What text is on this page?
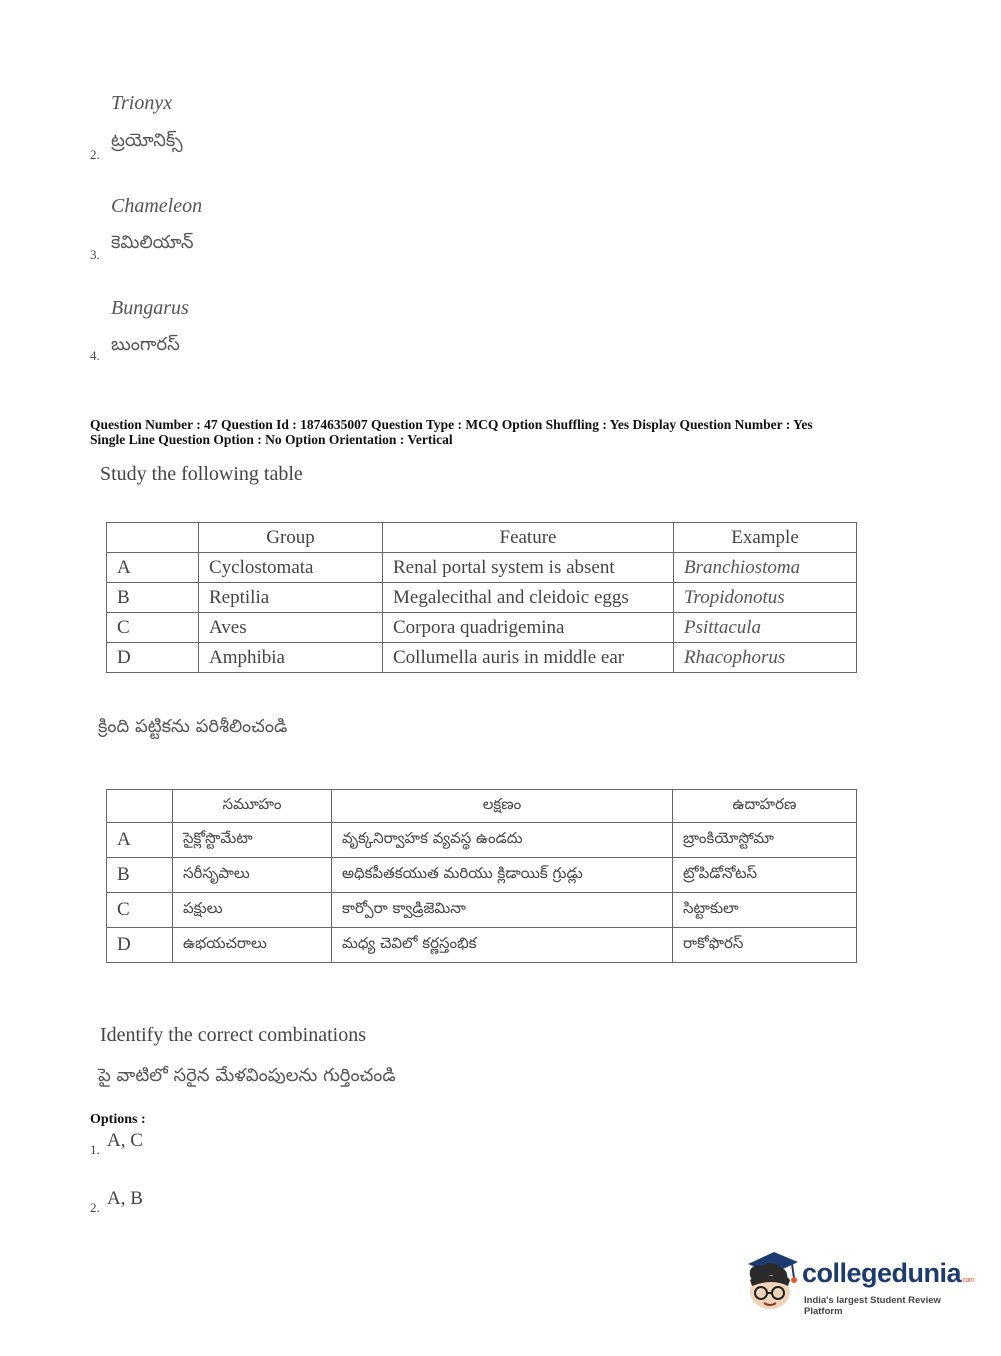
Trionyx
2.
ట్రయోనిక్స్
Chameleon
3.
కెమిలియాన్
Bungarus
4.
బుంగారస్
Question Number : 47 Question Id : 1874635007 Question Type : MCQ Option Shuffling : Yes Display Question Number : Yes
Single Line Question Option : No Option Orientation : Vertical
Study the following table
	Group	Feature	Example
A	Cyclostomata	Renal portal system is absent	Branchiostoma
B	Reptilia	Megalecithal and cleidoic eggs	Tropidonotus
C	Aves	Corpora quadrigemina	Psittacula
D	Amphibia	Collumella auris in middle ear	Rhacophorus
క్రింది పట్టికను పరిశీలించండి
	సమూహం	లక్షణం	ఉదాహరణ
A	సైక్లోస్టొమేటా	వృక్కనిర్వాహక వ్యవస్థ ఉండదు	బ్రాంకియోస్టోమా
B	సరీసృపాలు	అధికపీతకయుత మరియు క్లిడాయిక్ గ్రుడ్లు	ట్రోపిడోనోటస్
C	పక్షులు	కార్పోరా క్వాడ్రిజెమినా	సిట్టాకులా
D	ఉభయచరాలు	మధ్య చెవిలో కర్ణస్తంభిక	రాకోఫొరస్
Identify the correct combinations
పై వాటిలో సరైన మేళవింపులను గుర్తించండి
Options :
1. A, C
2. A, B
collegedunia.com
India's largest Student Review Platform
